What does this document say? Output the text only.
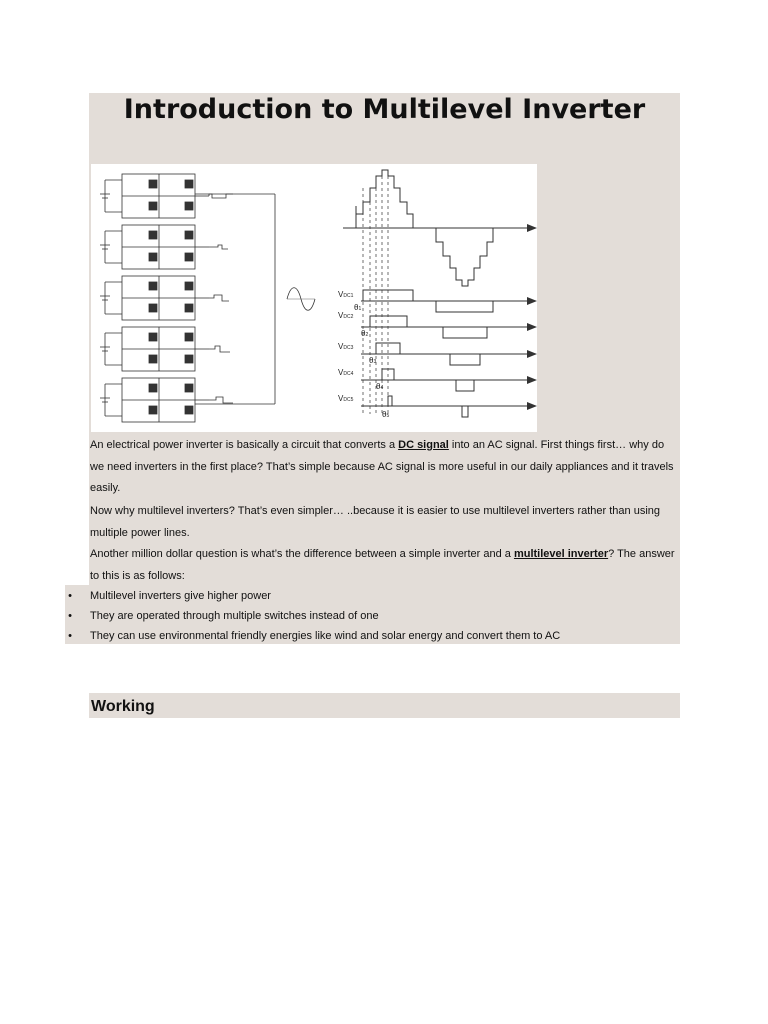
Introduction to Multilevel Inverter
VDC1
VDC2
VDC3
VDC4
VDC5
θ1
θ2
θ3
θ4
θ5

An electrical power inverter is basically a circuit that converts a DC signal into an AC signal. First things first… why do we need inverters in the first place? That’s simple because AC signal is more useful in our daily appliances and it travels easily.

Now why multilevel inverters? That’s even simpler… ..because it is easier to use multilevel inverters rather than using multiple power lines.

Another million dollar question is what’s the difference between a simple inverter and a multilevel inverter? The answer to this is as follows:

• Multilevel inverters give higher power
• They are operated through multiple switches instead of one
• They can use environmental friendly energies like wind and solar energy and convert them to AC
Working
